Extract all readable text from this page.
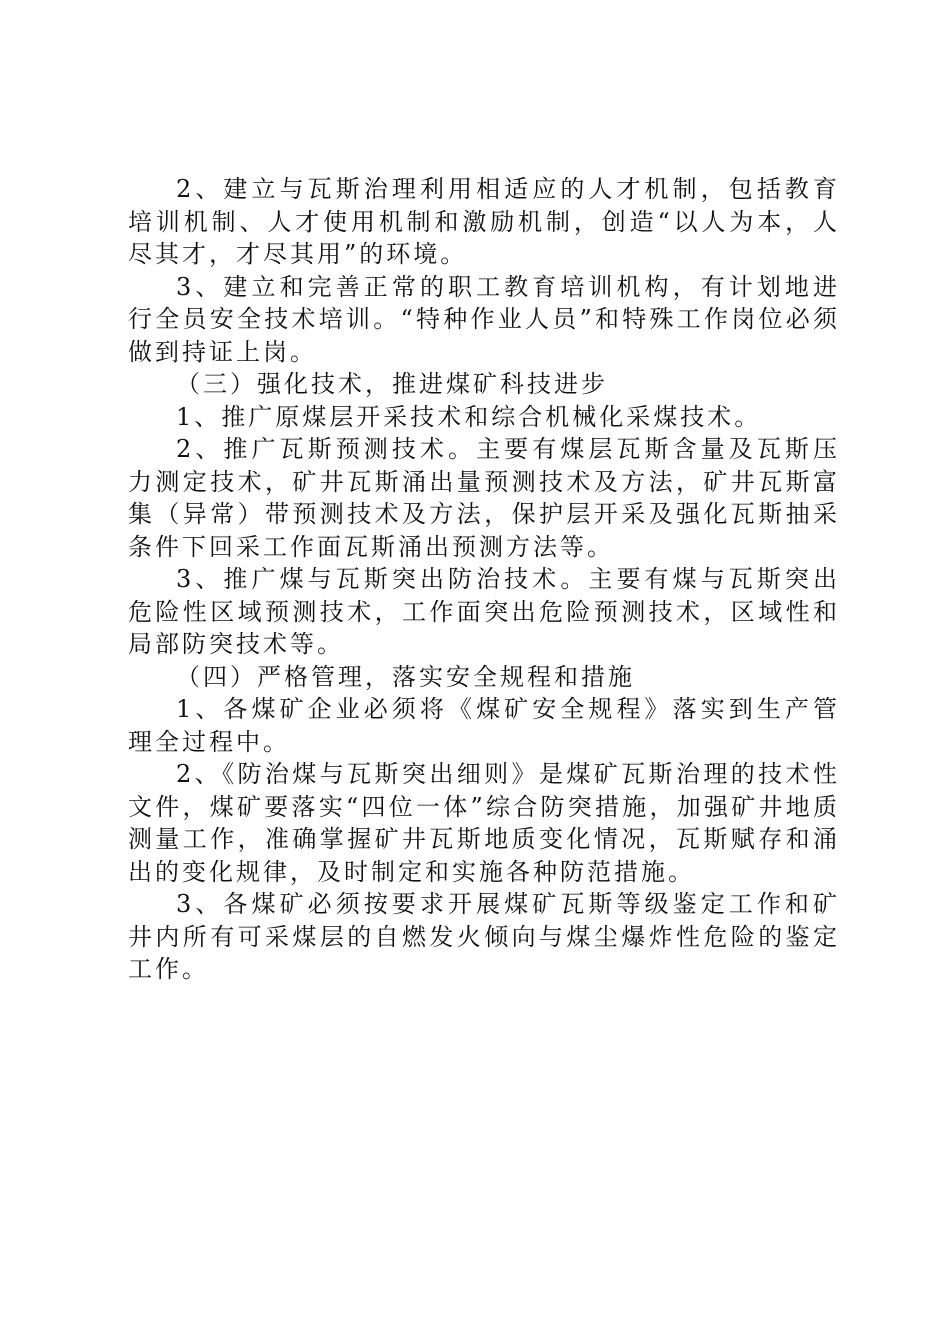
2、建立与瓦斯治理利用相适应的人才机制，包括教育培训机制、人才使用机制和激励机制，创造“以人为本，人尽其才，才尽其用”的环境。

3、建立和完善正常的职工教育培训机构，有计划地进行全员安全技术培训。“特种作业人员”和特殊工作岗位必须做到持证上岗。

（三）强化技术，推进煤矿科技进步

1、推广原煤层开采技术和综合机械化采煤技术。

2、推广瓦斯预测技术。主要有煤层瓦斯含量及瓦斯压力测定技术，矿井瓦斯涌出量预测技术及方法，矿井瓦斯富集（异常）带预测技术及方法，保护层开采及强化瓦斯抽采条件下回采工作面瓦斯涌出预测方法等。

3、推广煤与瓦斯突出防治技术。主要有煤与瓦斯突出危险性区域预测技术，工作面突出危险预测技术，区域性和局部防突技术等。

（四）严格管理，落实安全规程和措施

1、各煤矿企业必须将《煤矿安全规程》落实到生产管理全过程中。

2、《防治煤与瓦斯突出细则》是煤矿瓦斯治理的技术性文件，煤矿要落实“四位一体”综合防突措施，加强矿井地质测量工作，准确掌握矿井瓦斯地质变化情况，瓦斯赋存和涌出的变化规律，及时制定和实施各种防范措施。

3、各煤矿必须按要求开展煤矿瓦斯等级鉴定工作和矿井内所有可采煤层的自燃发火倾向与煤尘爆炸性危险的鉴定工作。
